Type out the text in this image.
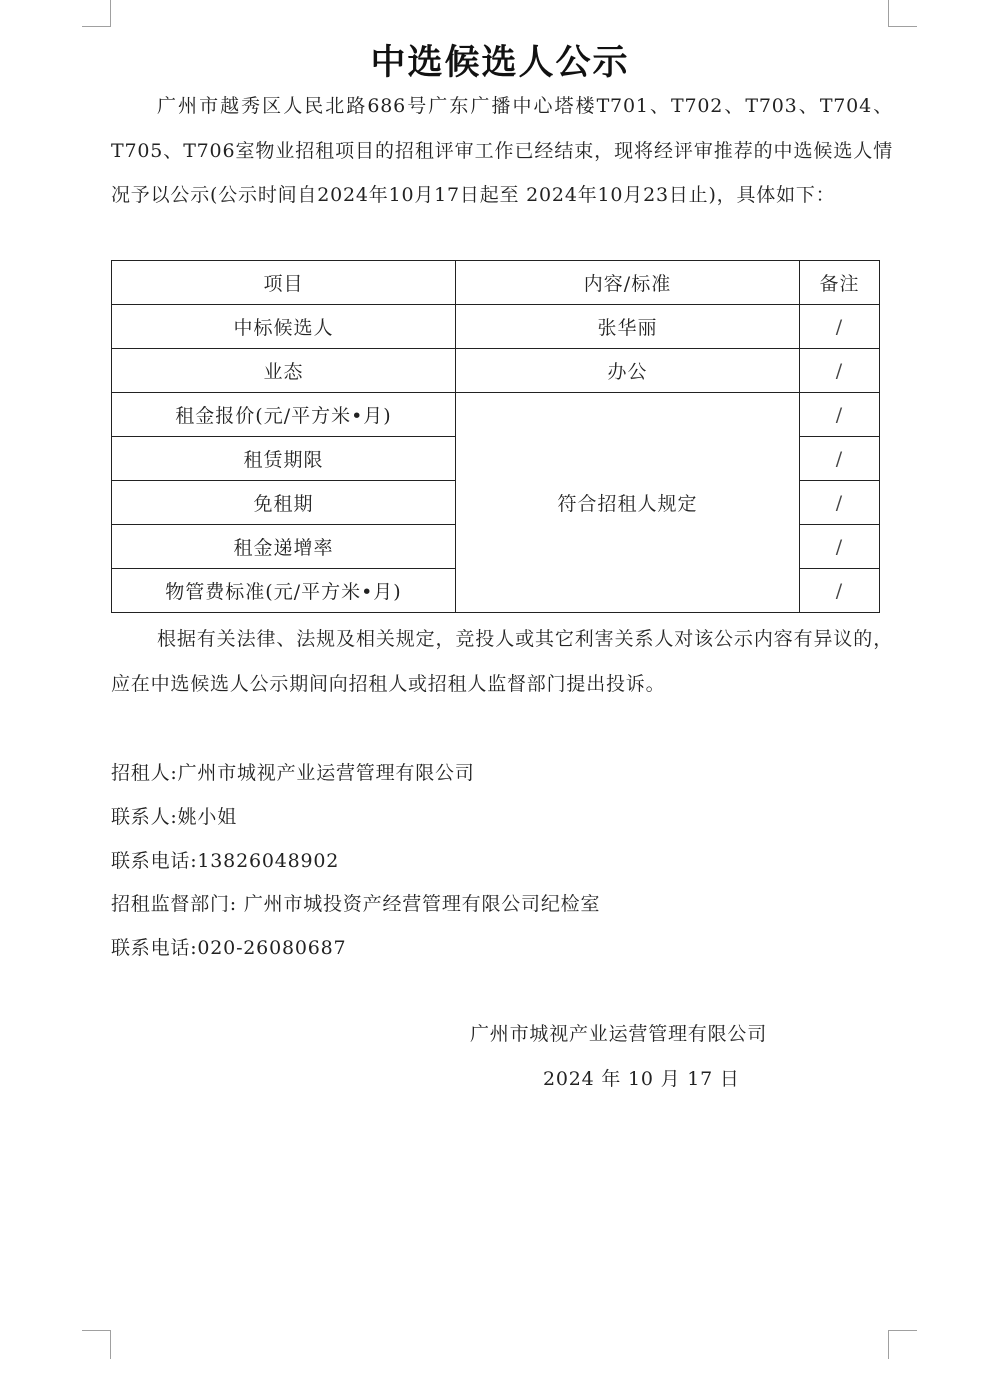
中选候选人公示

广州市越秀区人民北路686号广东广播中心塔楼T701、T702、T703、T704、T705、T706室物业招租项目的招租评审工作已经结束，现将经评审推荐的中选候选人情况予以公示(公示时间自2024年10月17日起至 2024年10月23日止)，具体如下：

项目	内容/标准	备注
中标候选人	张华丽	/
业态	办公	/
租金报价(元/平方米•月)	符合招租人规定	/
租赁期限		/
免租期		/
租金递增率		/
物管费标准(元/平方米•月)		/

根据有关法律、法规及相关规定，竞投人或其它利害关系人对该公示内容有异议的，应在中选候选人公示期间向招租人或招租人监督部门提出投诉。

招租人:广州市城视产业运营管理有限公司
联系人:姚小姐
联系电话:13826048902
招租监督部门: 广州市城投资产经营管理有限公司纪检室
联系电话:020-26080687
广州市城视产业运营管理有限公司
2024 年 10 月 17 日
